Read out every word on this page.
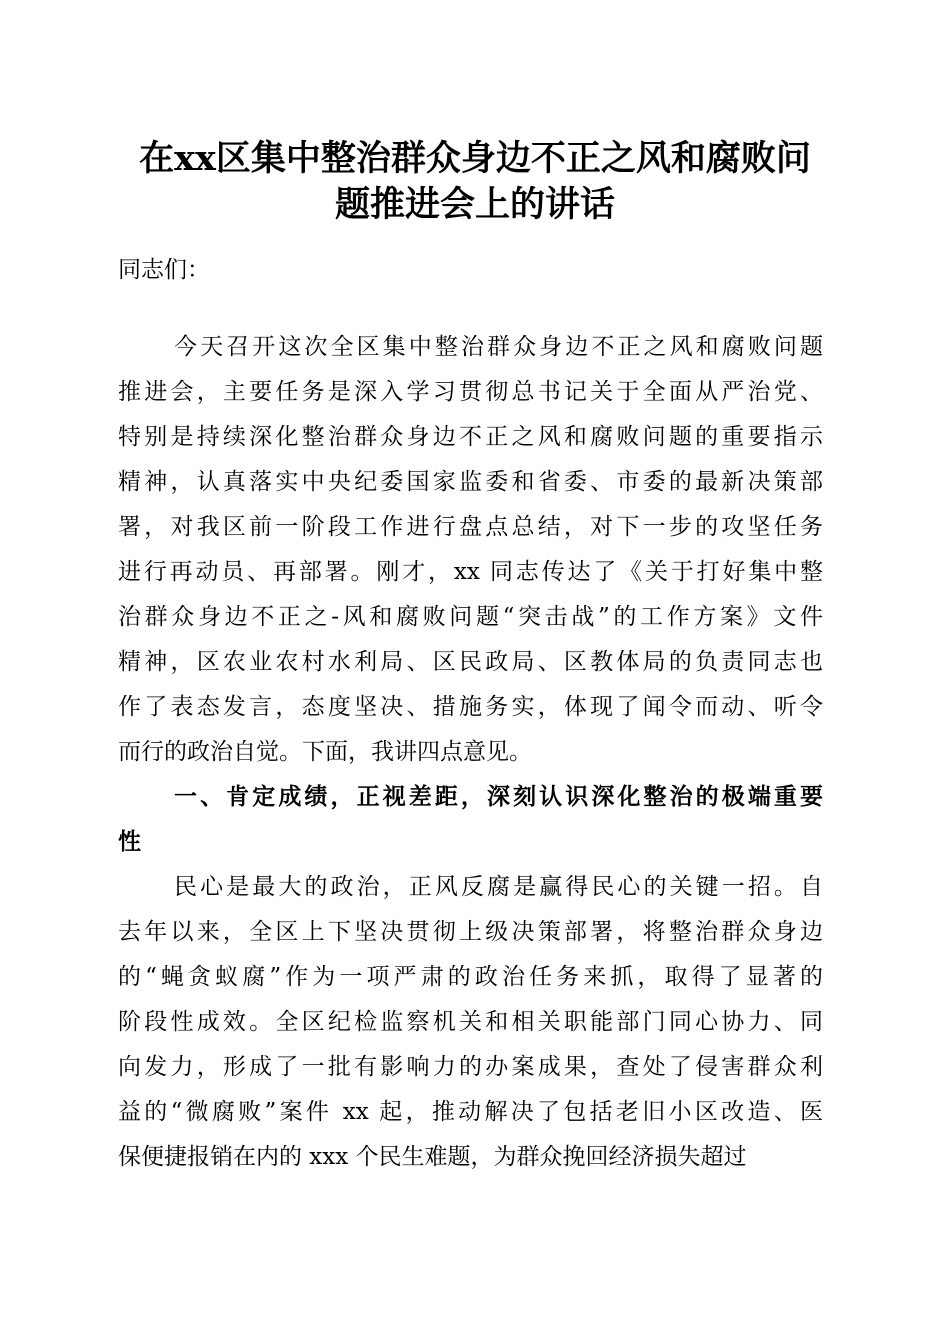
在xx区集中整治群众身边不正之风和腐败问
题推进会上的讲话
同志们：
今天召开这次全区集中整治群众身边不正之风和腐败问题
推进会，主要任务是深入学习贯彻总书记关于全面从严治党、
特别是持续深化整治群众身边不正之风和腐败问题的重要指示
精神，认真落实中央纪委国家监委和省委、市委的最新决策部
署，对我区前一阶段工作进行盘点总结，对下一步的攻坚任务
进行再动员、再部署。刚才，xx 同志传达了《关于打好集中整
治群众身边不正之-风和腐败问题“突击战”的工作方案》文件
精神，区农业农村水利局、区民政局、区教体局的负责同志也
作了表态发言，态度坚决、措施务实，体现了闻令而动、听令
而行的政治自觉。下面，我讲四点意见。
一、肯定成绩，正视差距，深刻认识深化整治的极端重要
性
民心是最大的政治，正风反腐是赢得民心的关键一招。自
去年以来，全区上下坚决贯彻上级决策部署，将整治群众身边
的“蝇贪蚁腐”作为一项严肃的政治任务来抓，取得了显著的
阶段性成效。全区纪检监察机关和相关职能部门同心协力、同
向发力，形成了一批有影响力的办案成果，查处了侵害群众利
益的“微腐败”案件 xx 起，推动解决了包括老旧小区改造、医
保便捷报销在内的 xxx 个民生难题，为群众挽回经济损失超过
